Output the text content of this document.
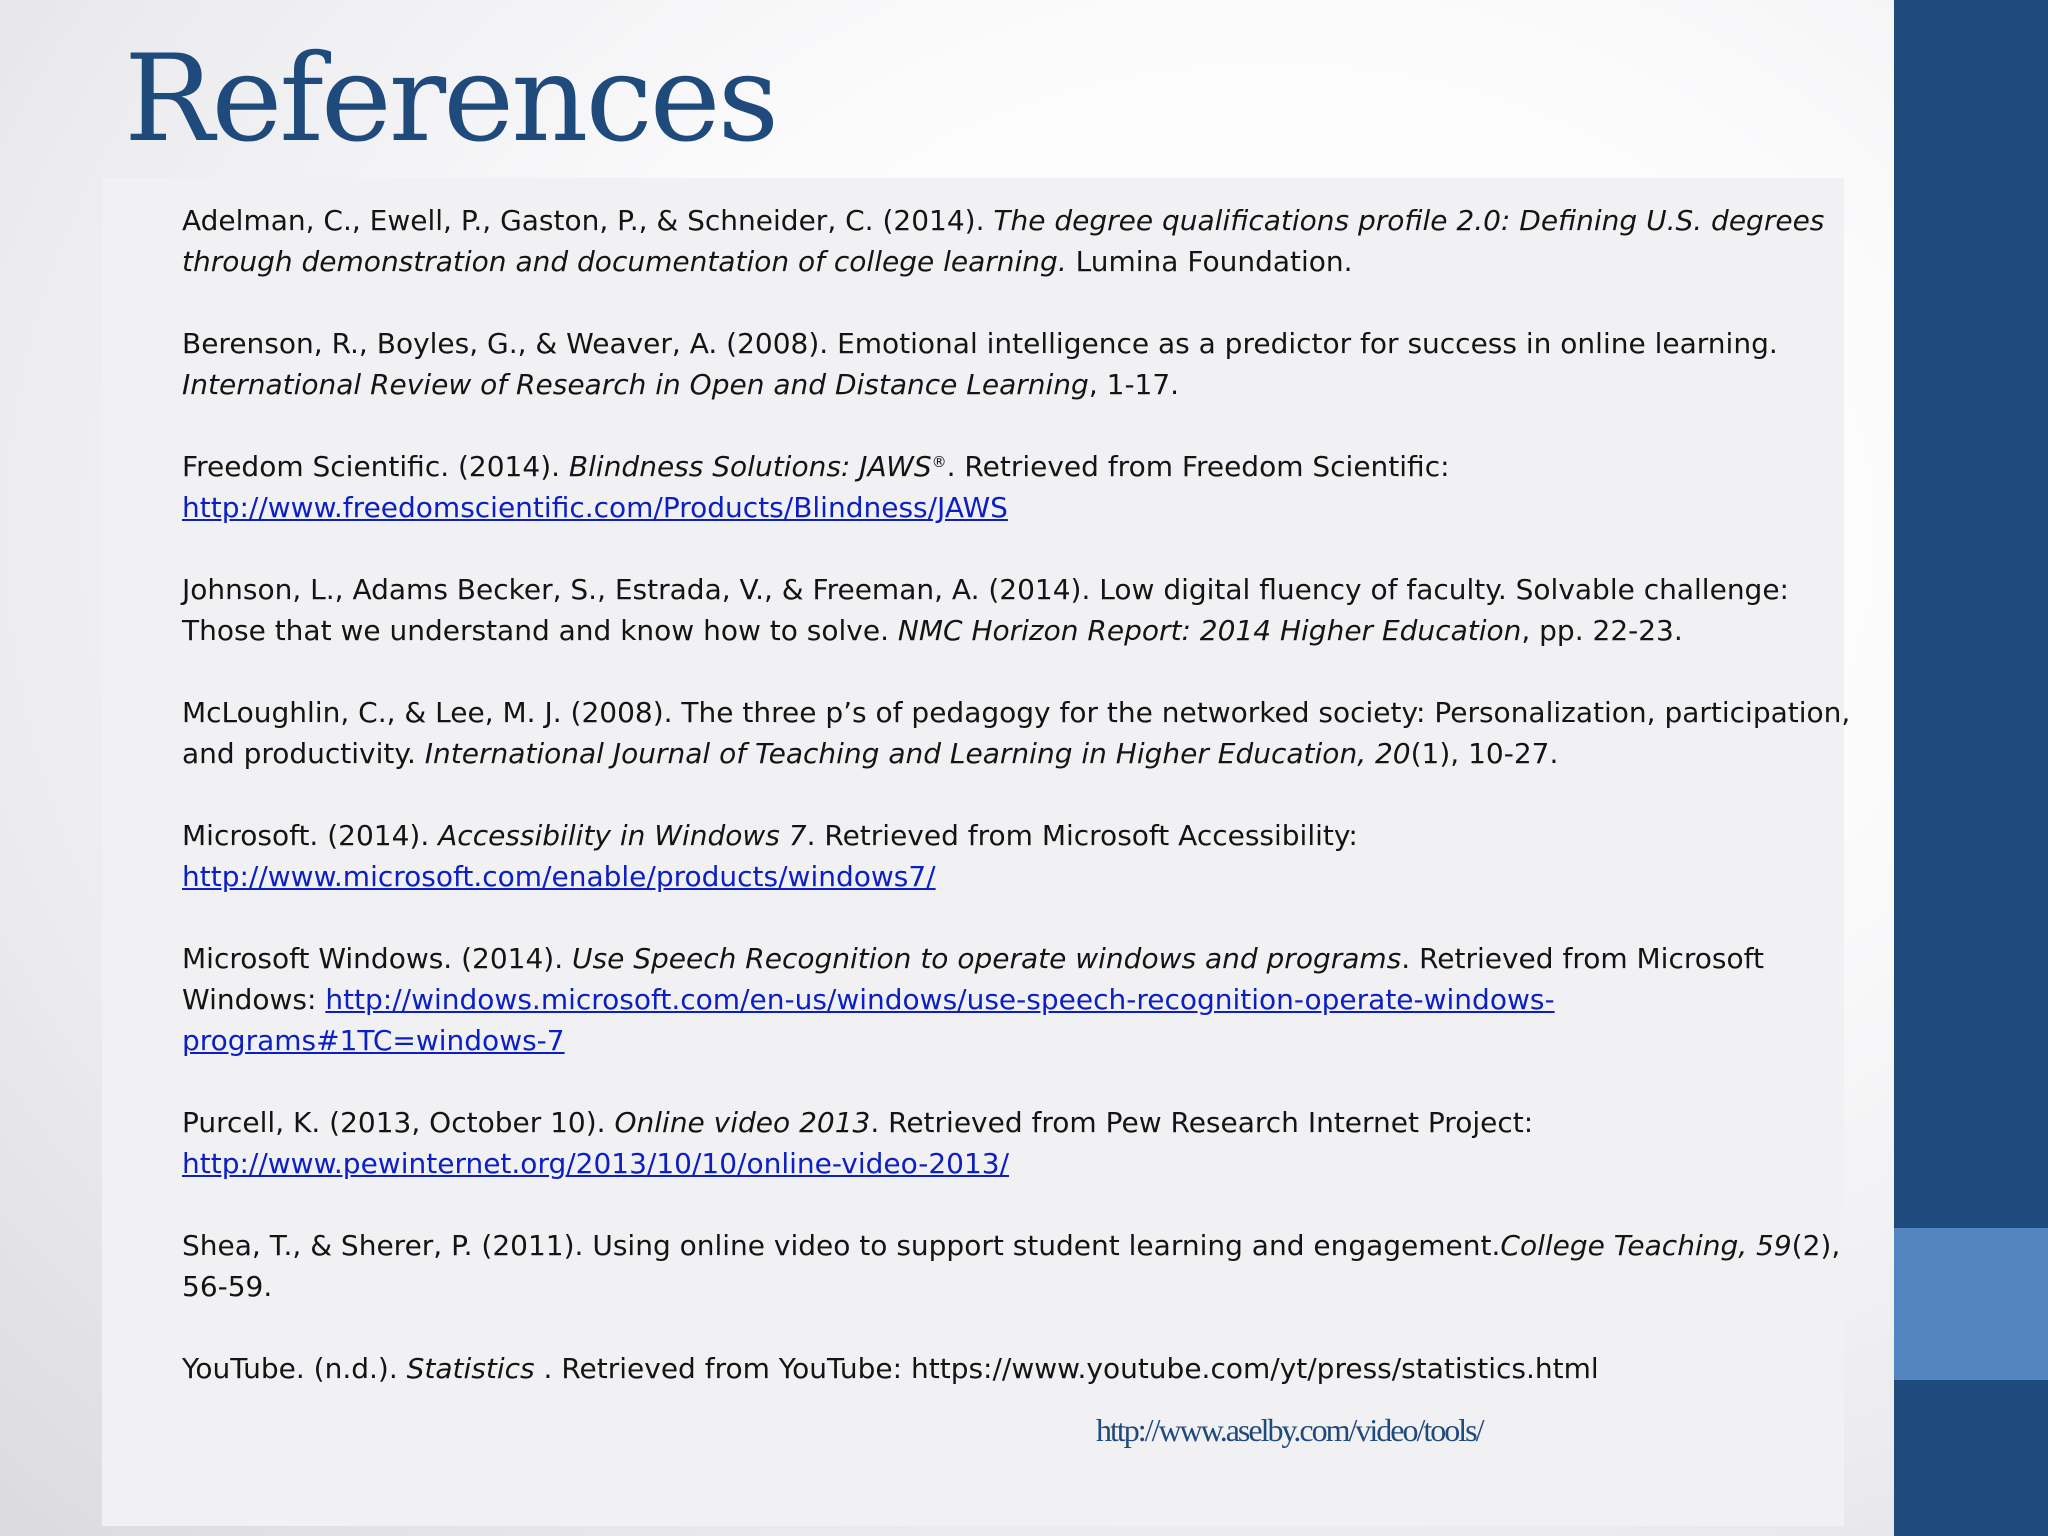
References

Adelman, C., Ewell, P., Gaston, P., & Schneider, C. (2014). The degree qualifications profile 2.0: Defining U.S. degrees through demonstration and documentation of college learning. Lumina Foundation.

Berenson, R., Boyles, G., & Weaver, A. (2008). Emotional intelligence as a predictor for success in online learning. International Review of Research in Open and Distance Learning, 1-17.

Freedom Scientific. (2014). Blindness Solutions: JAWS®. Retrieved from Freedom Scientific:
http://www.freedomscientific.com/Products/Blindness/JAWS

Johnson, L., Adams Becker, S., Estrada, V., & Freeman, A. (2014). Low digital fluency of faculty. Solvable challenge: Those that we understand and know how to solve. NMC Horizon Report: 2014 Higher Education, pp. 22-23.

McLoughlin, C., & Lee, M. J. (2008). The three p’s of pedagogy for the networked society: Personalization, participation, and productivity. International Journal of Teaching and Learning in Higher Education, 20(1), 10-27.

Microsoft. (2014). Accessibility in Windows 7. Retrieved from Microsoft Accessibility:
http://www.microsoft.com/enable/products/windows7/

Microsoft Windows. (2014). Use Speech Recognition to operate windows and programs. Retrieved from Microsoft Windows: http://windows.microsoft.com/en-us/windows/use-speech-recognition-operate-windows-programs#1TC=windows-7

Purcell, K. (2013, October 10). Online video 2013. Retrieved from Pew Research Internet Project:
http://www.pewinternet.org/2013/10/10/online-video-2013/

Shea, T., & Sherer, P. (2011). Using online video to support student learning and engagement.College Teaching, 59(2), 56-59.

YouTube. (n.d.). Statistics . Retrieved from YouTube: https://www.youtube.com/yt/press/statistics.html

http://www.aselby.com/video/tools/
